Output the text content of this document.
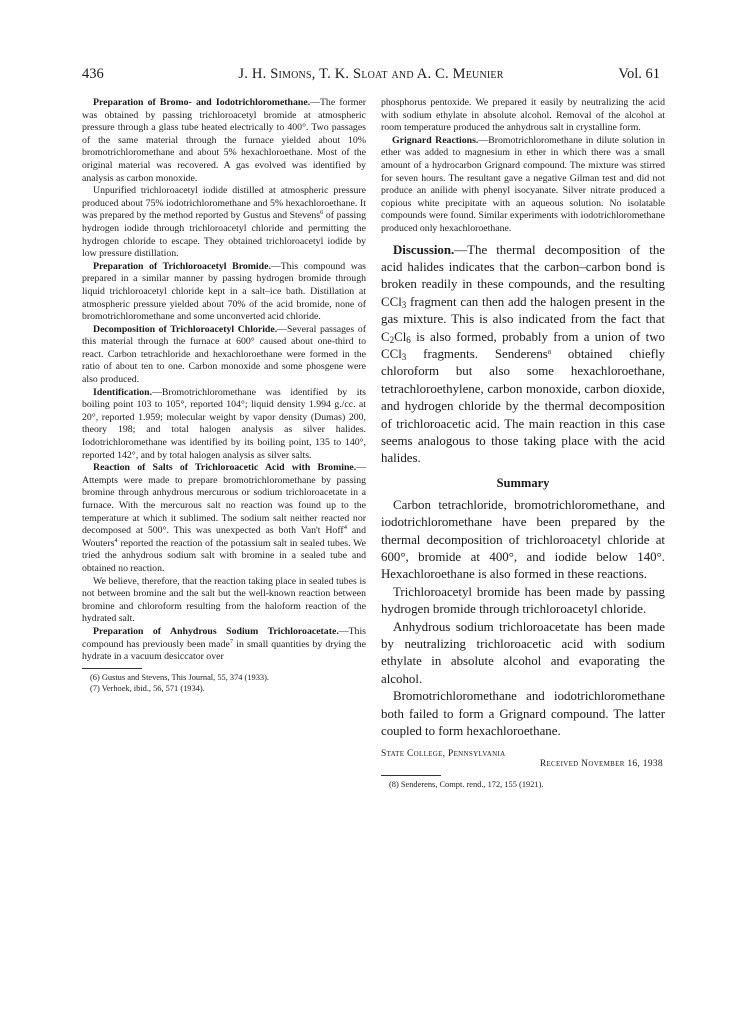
436	J. H. Simons, T. K. Sloat and A. C. Meunier	Vol. 61

Preparation of Bromo- and Iodotrichloromethane.—The former was obtained by passing trichloroacetyl bromide at atmospheric pressure through a glass tube heated electrically to 400°. Two passages of the same material through the furnace yielded about 10% bromotrichloromethane and about 5% hexachloroethane. Most of the original material was recovered. A gas evolved was identified by analysis as carbon monoxide.

Unpurified trichloroacetyl iodide distilled at atmospheric pressure produced about 75% iodotrichloromethane and 5% hexachloroethane. It was prepared by the method reported by Gustus and Stevens$^6$ of passing hydrogen iodide through trichloroacetyl chloride and permitting the hydrogen chloride to escape. They obtained trichloroacetyl iodide by low pressure distillation.

Preparation of Trichloroacetyl Bromide.—This compound was prepared in a similar manner by passing hydrogen bromide through liquid trichloroacetyl chloride kept in a salt–ice bath. Distillation at atmospheric pressure yielded about 70% of the acid bromide, none of bromotrichloromethane and some unconverted acid chloride.

Decomposition of Trichloroacetyl Chloride.—Several passages of this material through the furnace at 600° caused about one-third to react. Carbon tetrachloride and hexachloroethane were formed in the ratio of about ten to one. Carbon monoxide and some phosgene were also produced.

Identification.—Bromotrichloromethane was identified by its boiling point 103 to 105°, reported 104°; liquid density 1.994 g./cc. at 20°, reported 1.959; molecular weight by vapor density (Dumas) 200, theory 198; and total halogen analysis as silver halides. Iodotrichloromethane was identified by its boiling point, 135 to 140°, reported 142°, and by total halogen analysis as silver salts.

Reaction of Salts of Trichloroacetic Acid with Bromine.—Attempts were made to prepare bromotrichloromethane by passing bromine through anhydrous mercurous or sodium trichloroacetate in a furnace. With the mercurous salt no reaction was found up to the temperature at which it sublimed. The sodium salt neither reacted nor decomposed at 500°. This was unexpected as both Van't Hoff$^4$ and Wouters$^4$ reported the reaction of the potassium salt in sealed tubes. We tried the anhydrous sodium salt with bromine in a sealed tube and obtained no reaction.

We believe, therefore, that the reaction taking place in sealed tubes is not between bromine and the salt but the well-known reaction between bromine and chloroform resulting from the haloform reaction of the hydrated salt.

Preparation of Anhydrous Sodium Trichloroacetate.—This compound has previously been made$^7$ in small quantities by drying the hydrate in a vacuum desiccator over

(6) Gustus and Stevens, This Journal, 55, 374 (1933).

(7) Verhoek, ibid., 56, 571 (1934).

phosphorus pentoxide. We prepared it easily by neutralizing the acid with sodium ethylate in absolute alcohol. Removal of the alcohol at room temperature produced the anhydrous salt in crystalline form.

Grignard Reactions.—Bromotrichloromethane in dilute solution in ether was added to magnesium in ether in which there was a small amount of a hydrocarbon Grignard compound. The mixture was stirred for seven hours. The resultant gave a negative Gilman test and did not produce an anilide with phenyl isocyanate. Silver nitrate produced a copious white precipitate with an aqueous solution. No isolatable compounds were found. Similar experiments with iodotrichloromethane produced only hexachloroethane.

Discussion.—The thermal decomposition of the acid halides indicates that the carbon–carbon bond is broken readily in these compounds, and the resulting CCl$_3$ fragment can then add the halogen present in the gas mixture. This is also indicated from the fact that $C_2Cl_6$ is also formed, probably from a union of two CCl$_3$ fragments. Senderens$^8$ obtained chiefly chloroform but also some hexachloroethane, tetrachloroethylene, carbon monoxide, carbon dioxide, and hydrogen chloride by the thermal decomposition of trichloroacetic acid. The main reaction in this case seems analogous to those taking place with the acid halides.

Summary

Carbon tetrachloride, bromotrichloromethane, and iodotrichloromethane have been prepared by the thermal decomposition of trichloroacetyl chloride at 600°, bromide at 400°, and iodide below 140°. Hexachloroethane is also formed in these reactions.

Trichloroacetyl bromide has been made by passing hydrogen bromide through trichloroacetyl chloride.

Anhydrous sodium trichloroacetate has been made by neutralizing trichloroacetic acid with sodium ethylate in absolute alcohol and evaporating the alcohol.

Bromotrichloromethane and iodotrichloromethane both failed to form a Grignard compound. The latter coupled to form hexachloroethane.

State College, Pennsylvania
Received November 16, 1938

(8) Senderens, Compt. rend., 172, 155 (1921).
